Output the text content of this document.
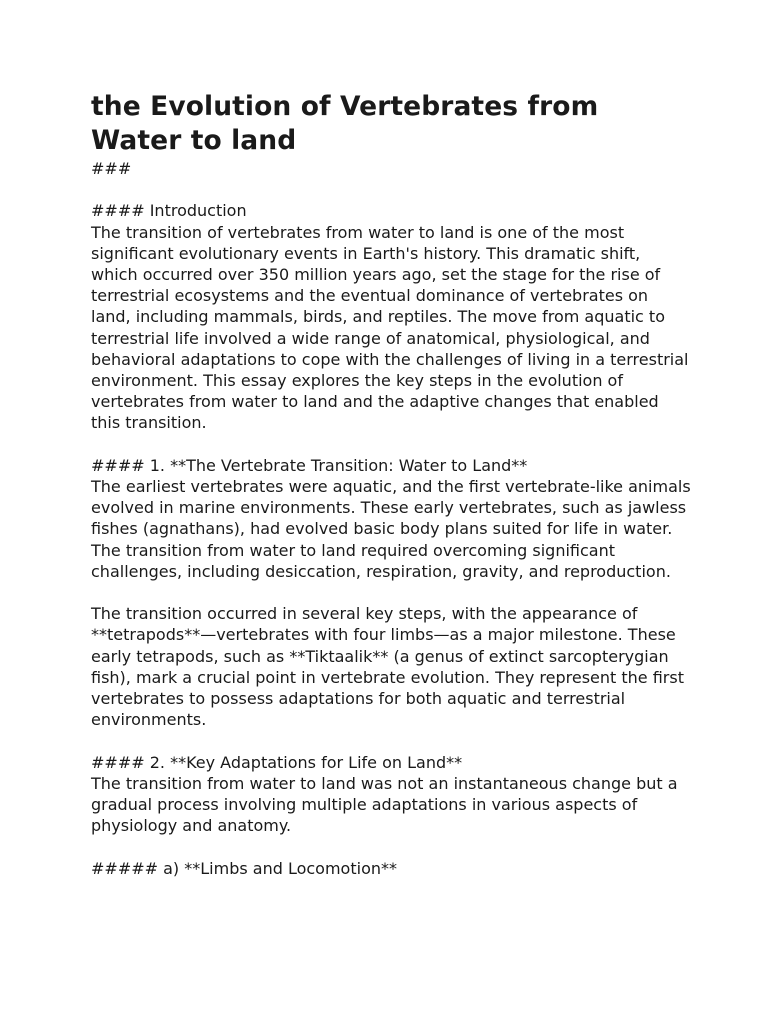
the Evolution of Vertebrates from Water to land

###

#### Introduction

The transition of vertebrates from water to land is one of the most significant evolutionary events in Earth's history. This dramatic shift, which occurred over 350 million years ago, set the stage for the rise of terrestrial ecosystems and the eventual dominance of vertebrates on land, including mammals, birds, and reptiles. The move from aquatic to terrestrial life involved a wide range of anatomical, physiological, and behavioral adaptations to cope with the challenges of living in a terrestrial environment. This essay explores the key steps in the evolution of vertebrates from water to land and the adaptive changes that enabled this transition.

#### 1. **The Vertebrate Transition: Water to Land**

The earliest vertebrates were aquatic, and the first vertebrate-like animals evolved in marine environments. These early vertebrates, such as jawless fishes (agnathans), had evolved basic body plans suited for life in water. The transition from water to land required overcoming significant challenges, including desiccation, respiration, gravity, and reproduction.

The transition occurred in several key steps, with the appearance of **tetrapods**—vertebrates with four limbs—as a major milestone. These early tetrapods, such as **Tiktaalik** (a genus of extinct sarcopterygian fish), mark a crucial point in vertebrate evolution. They represent the first vertebrates to possess adaptations for both aquatic and terrestrial environments.

#### 2. **Key Adaptations for Life on Land**

The transition from water to land was not an instantaneous change but a gradual process involving multiple adaptations in various aspects of physiology and anatomy.

##### a) **Limbs and Locomotion**
